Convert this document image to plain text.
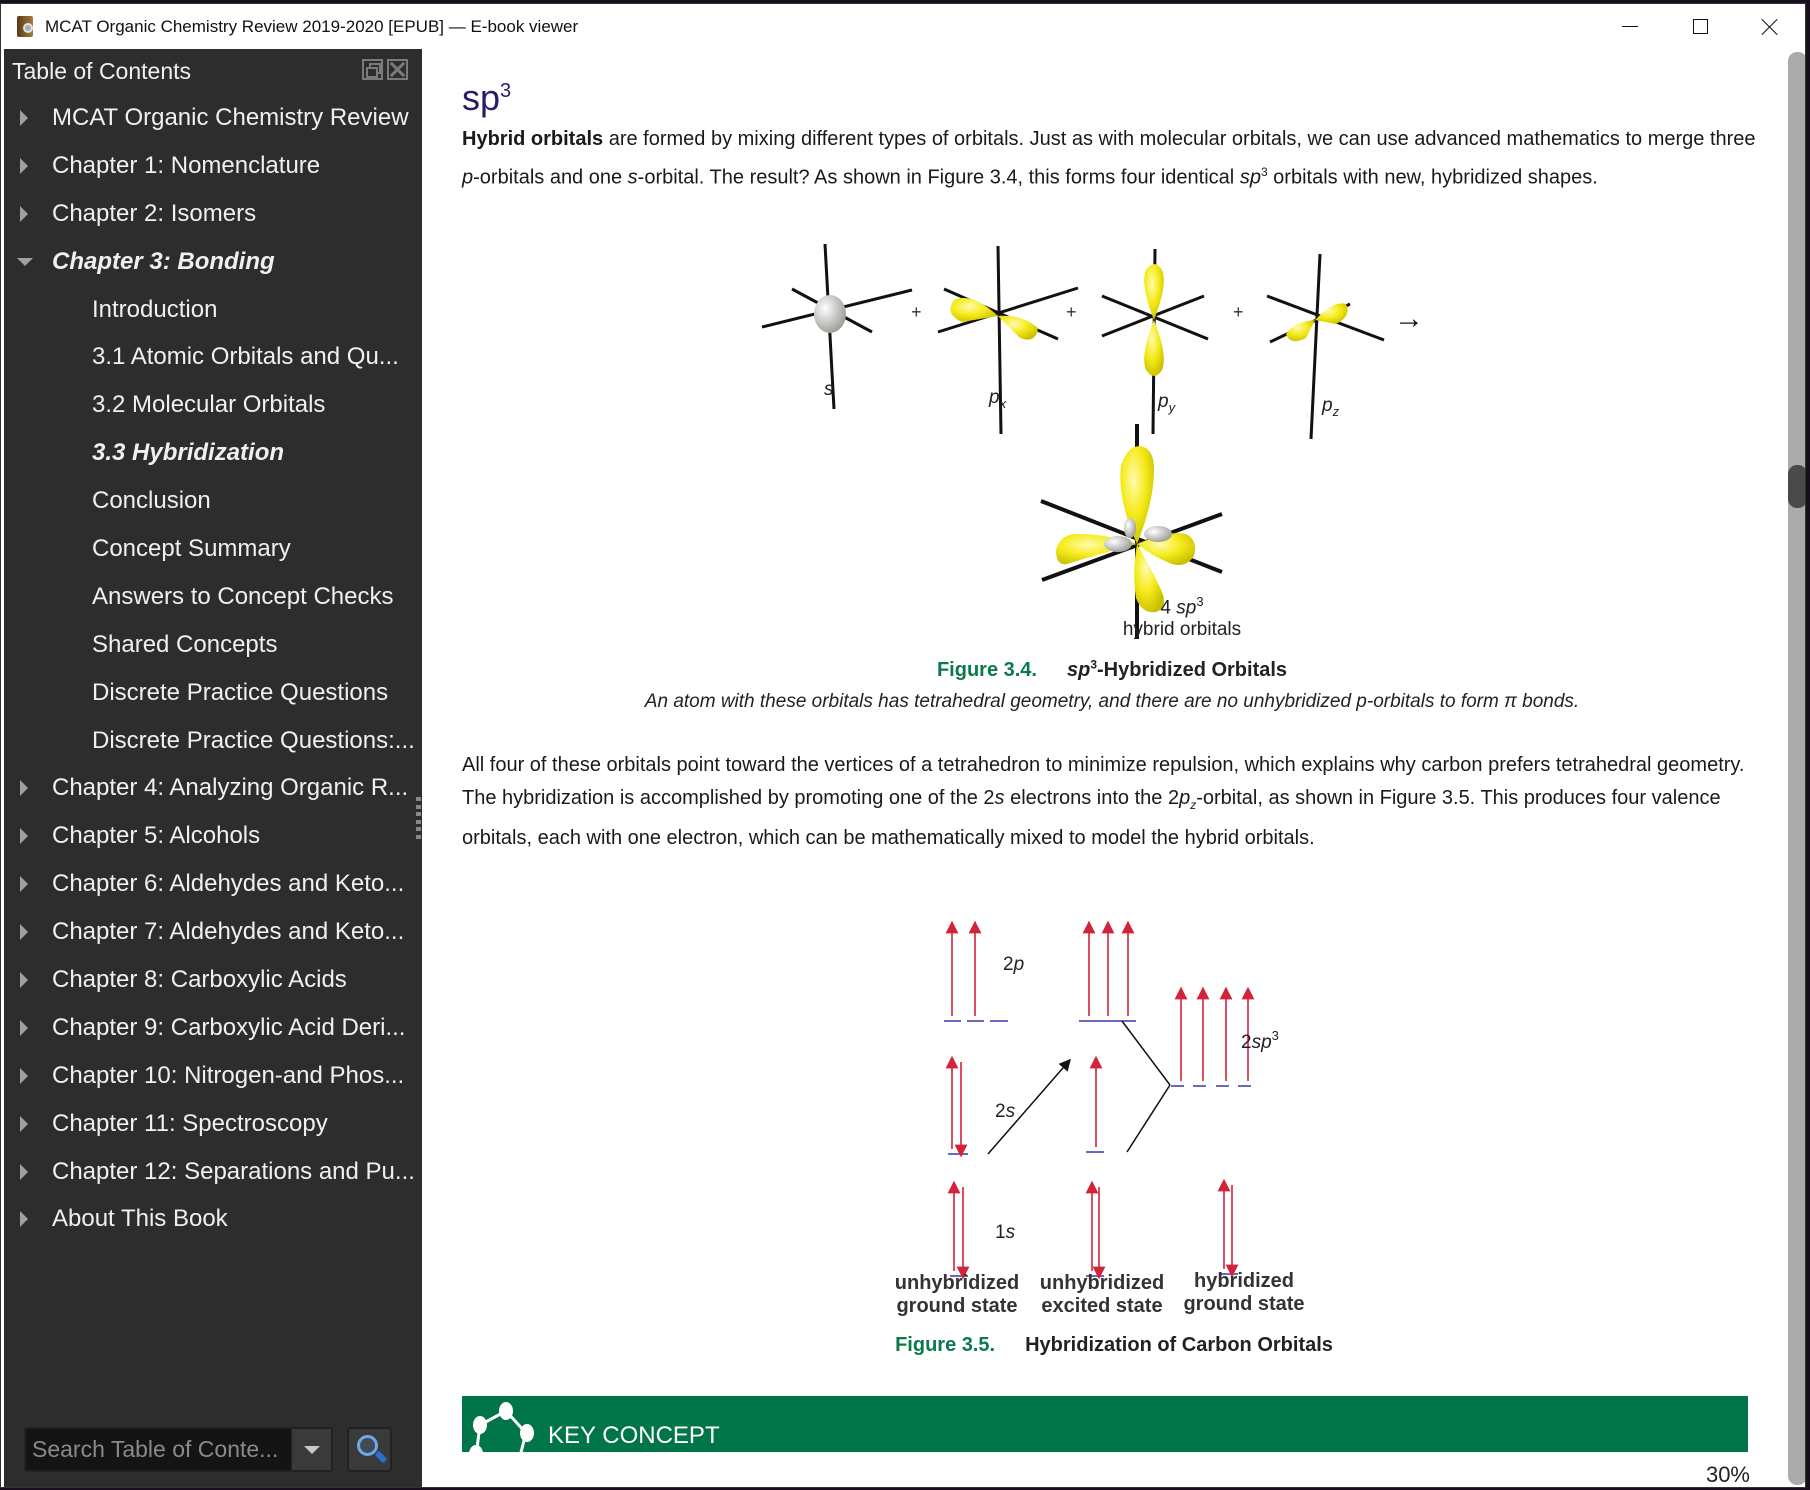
MCAT Organic Chemistry Review 2019-2020 [EPUB] — E-book viewer
Table of Contents
MCAT Organic Chemistry Review
Chapter 1: Nomenclature
Chapter 2: Isomers
Chapter 3: Bonding
Introduction
3.1 Atomic Orbitals and Qu...
3.2 Molecular Orbitals
3.3 Hybridization
Conclusion
Concept Summary
Answers to Concept Checks
Shared Concepts
Discrete Practice Questions
Discrete Practice Questions:...
Chapter 4: Analyzing Organic R...
Chapter 5: Alcohols
Chapter 6: Aldehydes and Keto...
Chapter 7: Aldehydes and Keto...
Chapter 8: Carboxylic Acids
Chapter 9: Carboxylic Acid Deri...
Chapter 10: Nitrogen-and Phos...
Chapter 11: Spectroscopy
Chapter 12: Separations and Pu...
About This Book
Search Table of Conte...
$sp^3$

Hybrid orbitals are formed by mixing different types of orbitals. Just as with molecular orbitals, we can use advanced mathematics to merge three p-orbitals and one s-orbital. The result? As shown in Figure 3.4, this forms four identical $sp^3$ orbitals with new, hybridized shapes.

+	+	+	→
s	$p_x$	$p_y$	$p_z$
4 $sp^3$
hybrid orbitals
Figure 3.4. $sp^3$-Hybridized Orbitals
An atom with these orbitals has tetrahedral geometry, and there are no unhybridized p-orbitals to form π bonds.

All four of these orbitals point toward the vertices of a tetrahedron to minimize repulsion, which explains why carbon prefers tetrahedral geometry. The hybridization is accomplished by promoting one of the 2s electrons into the $2p_z$-orbital, as shown in Figure 3.5. This produces four valence orbitals, each with one electron, which can be mathematically mixed to model the hybrid orbitals.

2p
2s
1s
$2sp^3$
unhybridized
ground state
unhybridized
excited state
hybridized
ground state
Figure 3.5. Hybridization of Carbon Orbitals
KEY CONCEPT
30%
